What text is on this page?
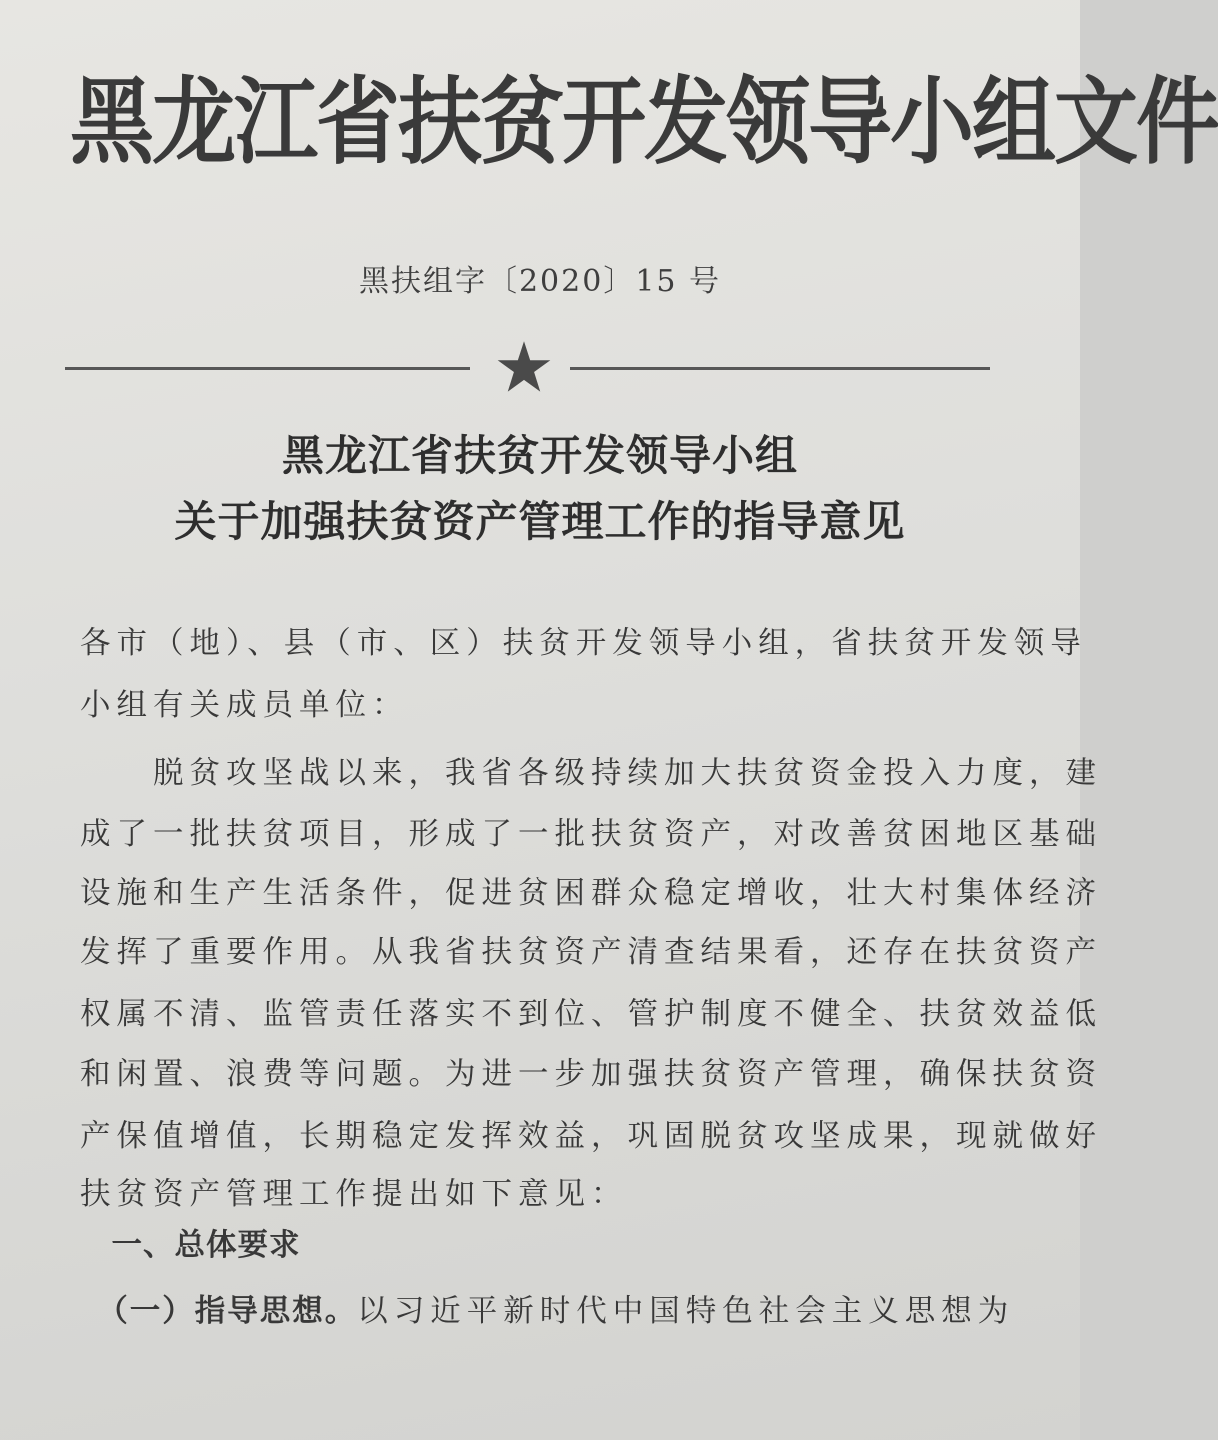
黑龙江省扶贫开发领导小组文件
黑扶组字〔2020〕15 号
黑龙江省扶贫开发领导小组
关于加强扶贫资产管理工作的指导意见
各市（地）、县（市、区）扶贫开发领导小组，省扶贫开发领导
小组有关成员单位：
　　脱贫攻坚战以来，我省各级持续加大扶贫资金投入力度，建
成了一批扶贫项目，形成了一批扶贫资产，对改善贫困地区基础
设施和生产生活条件，促进贫困群众稳定增收，壮大村集体经济
发挥了重要作用。从我省扶贫资产清查结果看，还存在扶贫资产
权属不清、监管责任落实不到位、管护制度不健全、扶贫效益低
和闲置、浪费等问题。为进一步加强扶贫资产管理，确保扶贫资
产保值增值，长期稳定发挥效益，巩固脱贫攻坚成果，现就做好
扶贫资产管理工作提出如下意见：
　一、总体要求
　（一）指导思想。以习近平新时代中国特色社会主义思想为
